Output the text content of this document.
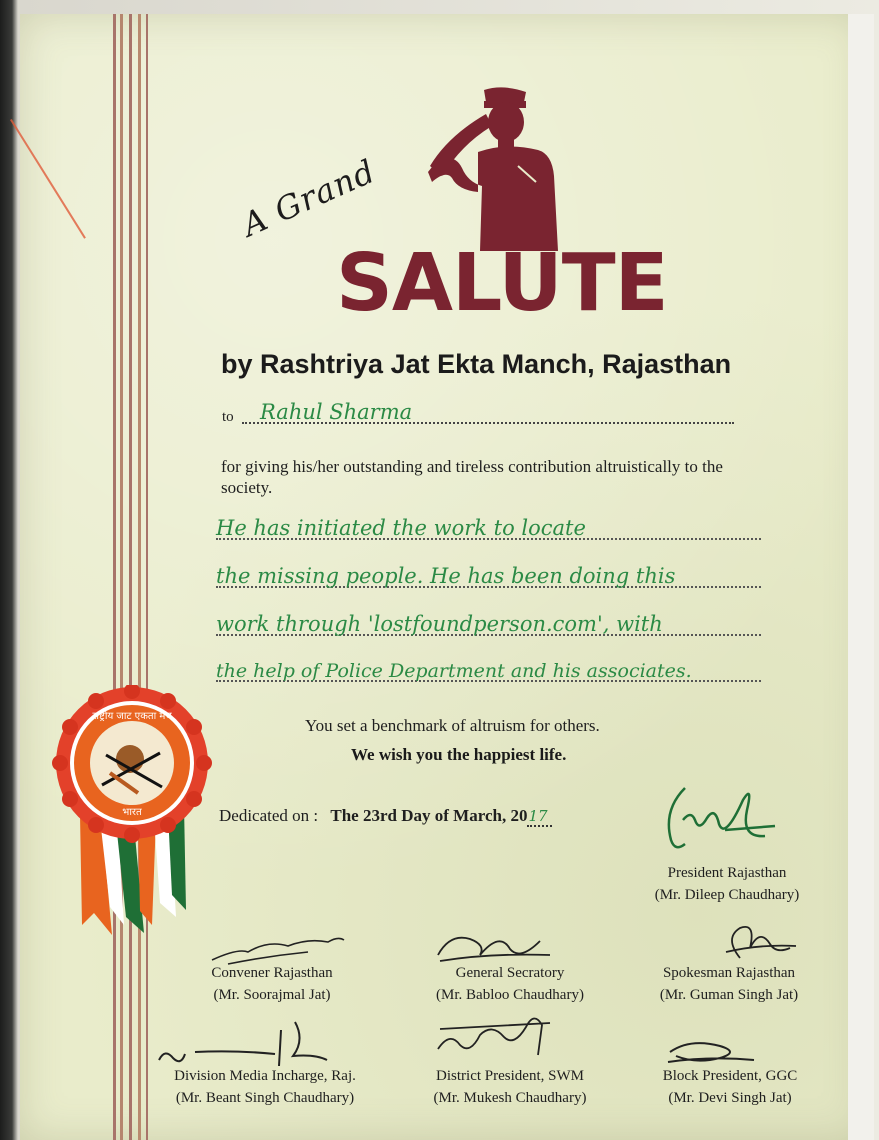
A Grand
SALUTE
by Rashtriya Jat Ekta Manch, Rajasthan
to Rahul Sharma
for giving his/her outstanding and tireless contribution altruistically to the society.
He has initiated the work to locate
the missing people. He has been doing this
work through 'lostfoundperson.com', with
the help of Police Department and his associates.
You set a benchmark of altruism for others.
We wish you the happiest life.
Dedicated on : The 23rd Day of March, 2017
राष्ट्रीय जाट एकता मंच
भारत
President Rajasthan
(Mr. Dileep Chaudhary)
Convener Rajasthan
(Mr. Soorajmal Jat)
General Secratory
(Mr. Babloo Chaudhary)
Spokesman Rajasthan
(Mr. Guman Singh Jat)
Division Media Incharge, Raj.
(Mr. Beant Singh Chaudhary)
District President, SWM
(Mr. Mukesh Chaudhary)
Block President, GGC
(Mr. Devi Singh Jat)
